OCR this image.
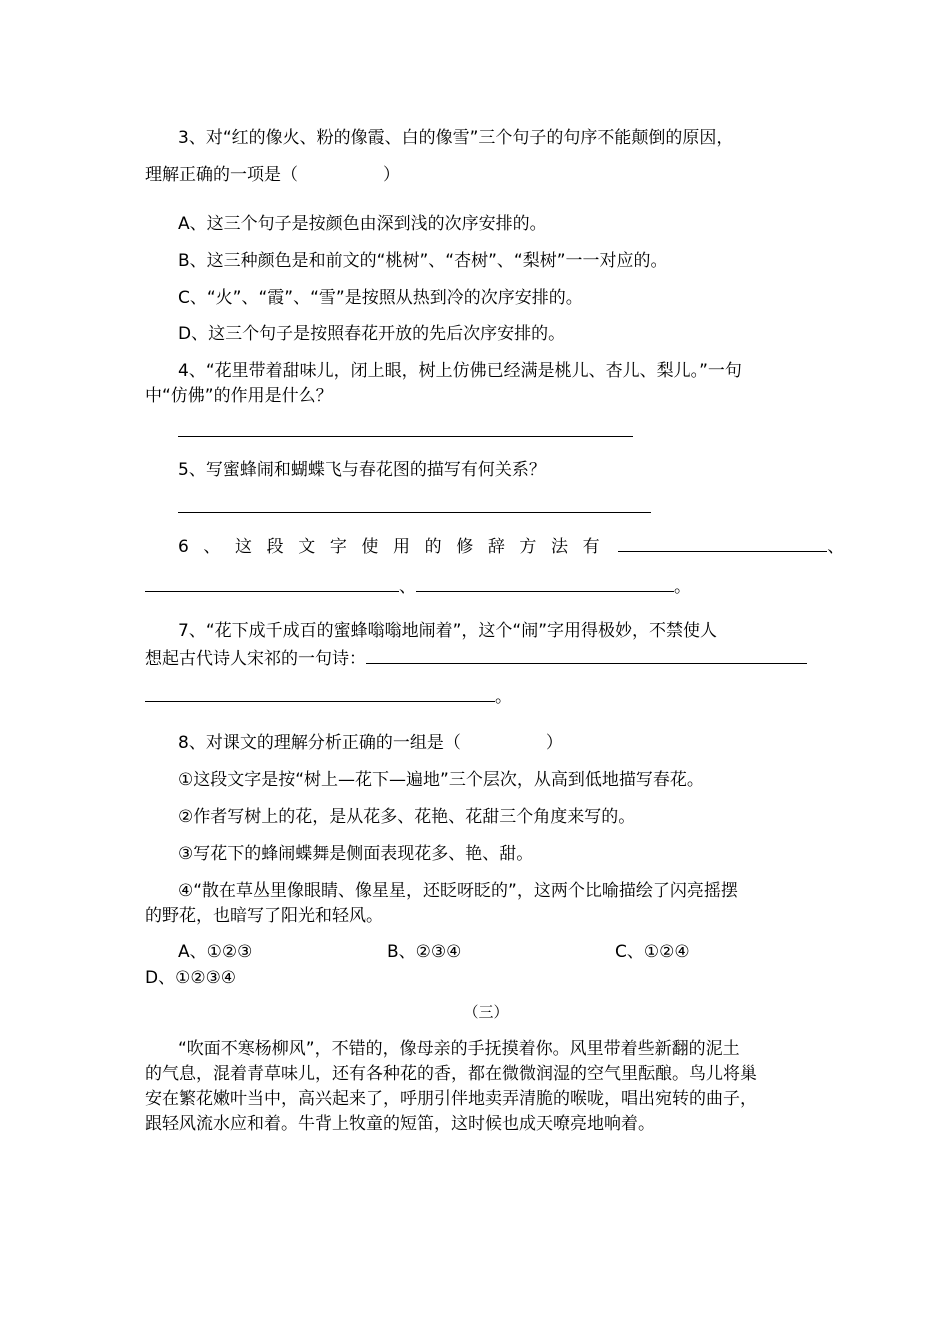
3、对“红的像火、粉的像霞、白的像雪”三个句子的句序不能颠倒的原因，
理解正确的一项是（　　　　　）
A、这三个句子是按颜色由深到浅的次序安排的。
B、这三种颜色是和前文的“桃树”、“杏树”、“梨树”一一对应的。
C、“火”、“霞”、“雪”是按照从热到冷的次序安排的。
D、这三个句子是按照春花开放的先后次序安排的。
4、“花里带着甜味儿，闭上眼，树上仿佛已经满是桃儿、杏儿、梨儿。”一句
中“仿佛”的作用是什么？
5、写蜜蜂闹和蝴蝶飞与春花图的描写有何关系？
6、这段文字使用的修辞方法有	、
、	。
7、“花下成千成百的蜜蜂嗡嗡地闹着”，这个“闹”字用得极妙，不禁使人
想起古代诗人宋祁的一句诗：
。
8、对课文的理解分析正确的一组是（　　　　　）
①这段文字是按“树上—花下—遍地”三个层次，从高到低地描写春花。
②作者写树上的花，是从花多、花艳、花甜三个角度来写的。
③写花下的蜂闹蝶舞是侧面表现花多、艳、甜。
④“散在草丛里像眼睛、像星星，还眨呀眨的”，这两个比喻描绘了闪亮摇摆
的野花，也暗写了阳光和轻风。
A、①②③	B、②③④	C、①②④
D、①②③④
（三）
“吹面不寒杨柳风”，不错的，像母亲的手抚摸着你。风里带着些新翻的泥土
的气息，混着青草味儿，还有各种花的香，都在微微润湿的空气里酝酿。鸟儿将巢
安在繁花嫩叶当中，高兴起来了，呼朋引伴地卖弄清脆的喉咙，唱出宛转的曲子，
跟轻风流水应和着。牛背上牧童的短笛，这时候也成天嘹亮地响着。
